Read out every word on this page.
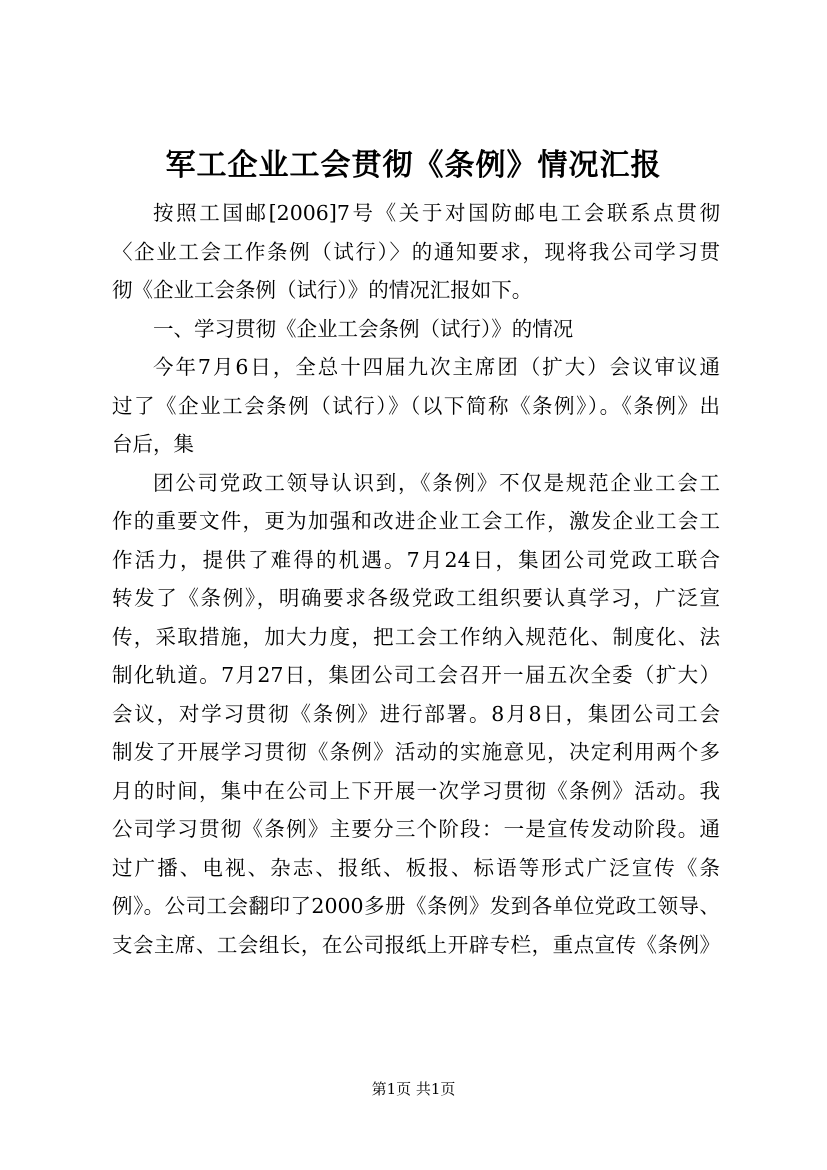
军工企业工会贯彻《条例》情况汇报
按照工国邮[2006]7号《关于对国防邮电工会联系点贯彻
〈企业工会工作条例（试行）〉的通知要求，现将我公司学习贯
彻《企业工会条例（试行）》的情况汇报如下。
一、学习贯彻《企业工会条例（试行）》的情况
今年7月6日，全总十四届九次主席团（扩大）会议审议通
过了《企业工会条例（试行）》（以下简称《条例》）。《条例》出
台后，集
团公司党政工领导认识到，《条例》不仅是规范企业工会工
作的重要文件，更为加强和改进企业工会工作，激发企业工会工
作活力，提供了难得的机遇。7月24日，集团公司党政工联合
转发了《条例》，明确要求各级党政工组织要认真学习，广泛宣
传，采取措施，加大力度，把工会工作纳入规范化、制度化、法
制化轨道。7月27日，集团公司工会召开一届五次全委（扩大）
会议，对学习贯彻《条例》进行部署。8月8日，集团公司工会
制发了开展学习贯彻《条例》活动的实施意见，决定利用两个多
月的时间，集中在公司上下开展一次学习贯彻《条例》活动。我
公司学习贯彻《条例》主要分三个阶段：一是宣传发动阶段。通
过广播、电视、杂志、报纸、板报、标语等形式广泛宣传《条
例》。公司工会翻印了2000多册《条例》发到各单位党政工领导、
支会主席、工会组长，在公司报纸上开辟专栏，重点宣传《条例》
第1页 共1页
